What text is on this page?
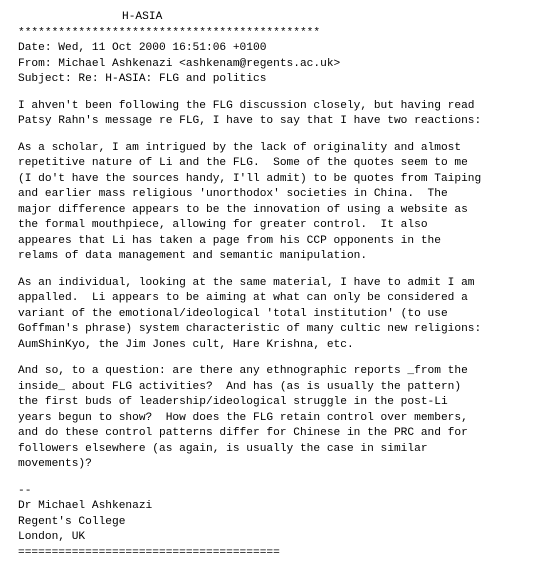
H-ASIA
*********************************************
Date: Wed, 11 Oct 2000 16:51:06 +0100
From: Michael Ashkenazi <ashkenam@regents.ac.uk>
Subject: Re: H-ASIA: FLG and politics
I ahven't been following the FLG discussion closely, but having read
Patsy Rahn's message re FLG, I have to say that I have two reactions:
As a scholar, I am intrigued by the lack of originality and almost
repetitive nature of Li and the FLG.  Some of the quotes seem to me
(I do't have the sources handy, I'll admit) to be quotes from Taiping
and earlier mass religious 'unorthodox' societies in China.  The
major difference appears to be the innovation of using a website as
the formal mouthpiece, allowing for greater control.  It also
appeares that Li has taken a page from his CCP opponents in the
relams of data management and semantic manipulation.
As an individual, looking at the same material, I have to admit I am
appalled.  Li appears to be aiming at what can only be considered a
variant of the emotional/ideological 'total institution' (to use
Goffman's phrase) system characteristic of many cultic new religions:
AumShinKyo, the Jim Jones cult, Hare Krishna, etc.
And so, to a question: are there any ethnographic reports _from the
inside_ about FLG activities?  And has (as is usually the pattern)
the first buds of leadership/ideological struggle in the post-Li
years begun to show?  How does the FLG retain control over members,
and do these control patterns differ for Chinese in the PRC and for
followers elsewhere (as again, is usually the case in similar
movements)?
--
Dr Michael Ashkenazi
Regent's College
London, UK
=======================================
